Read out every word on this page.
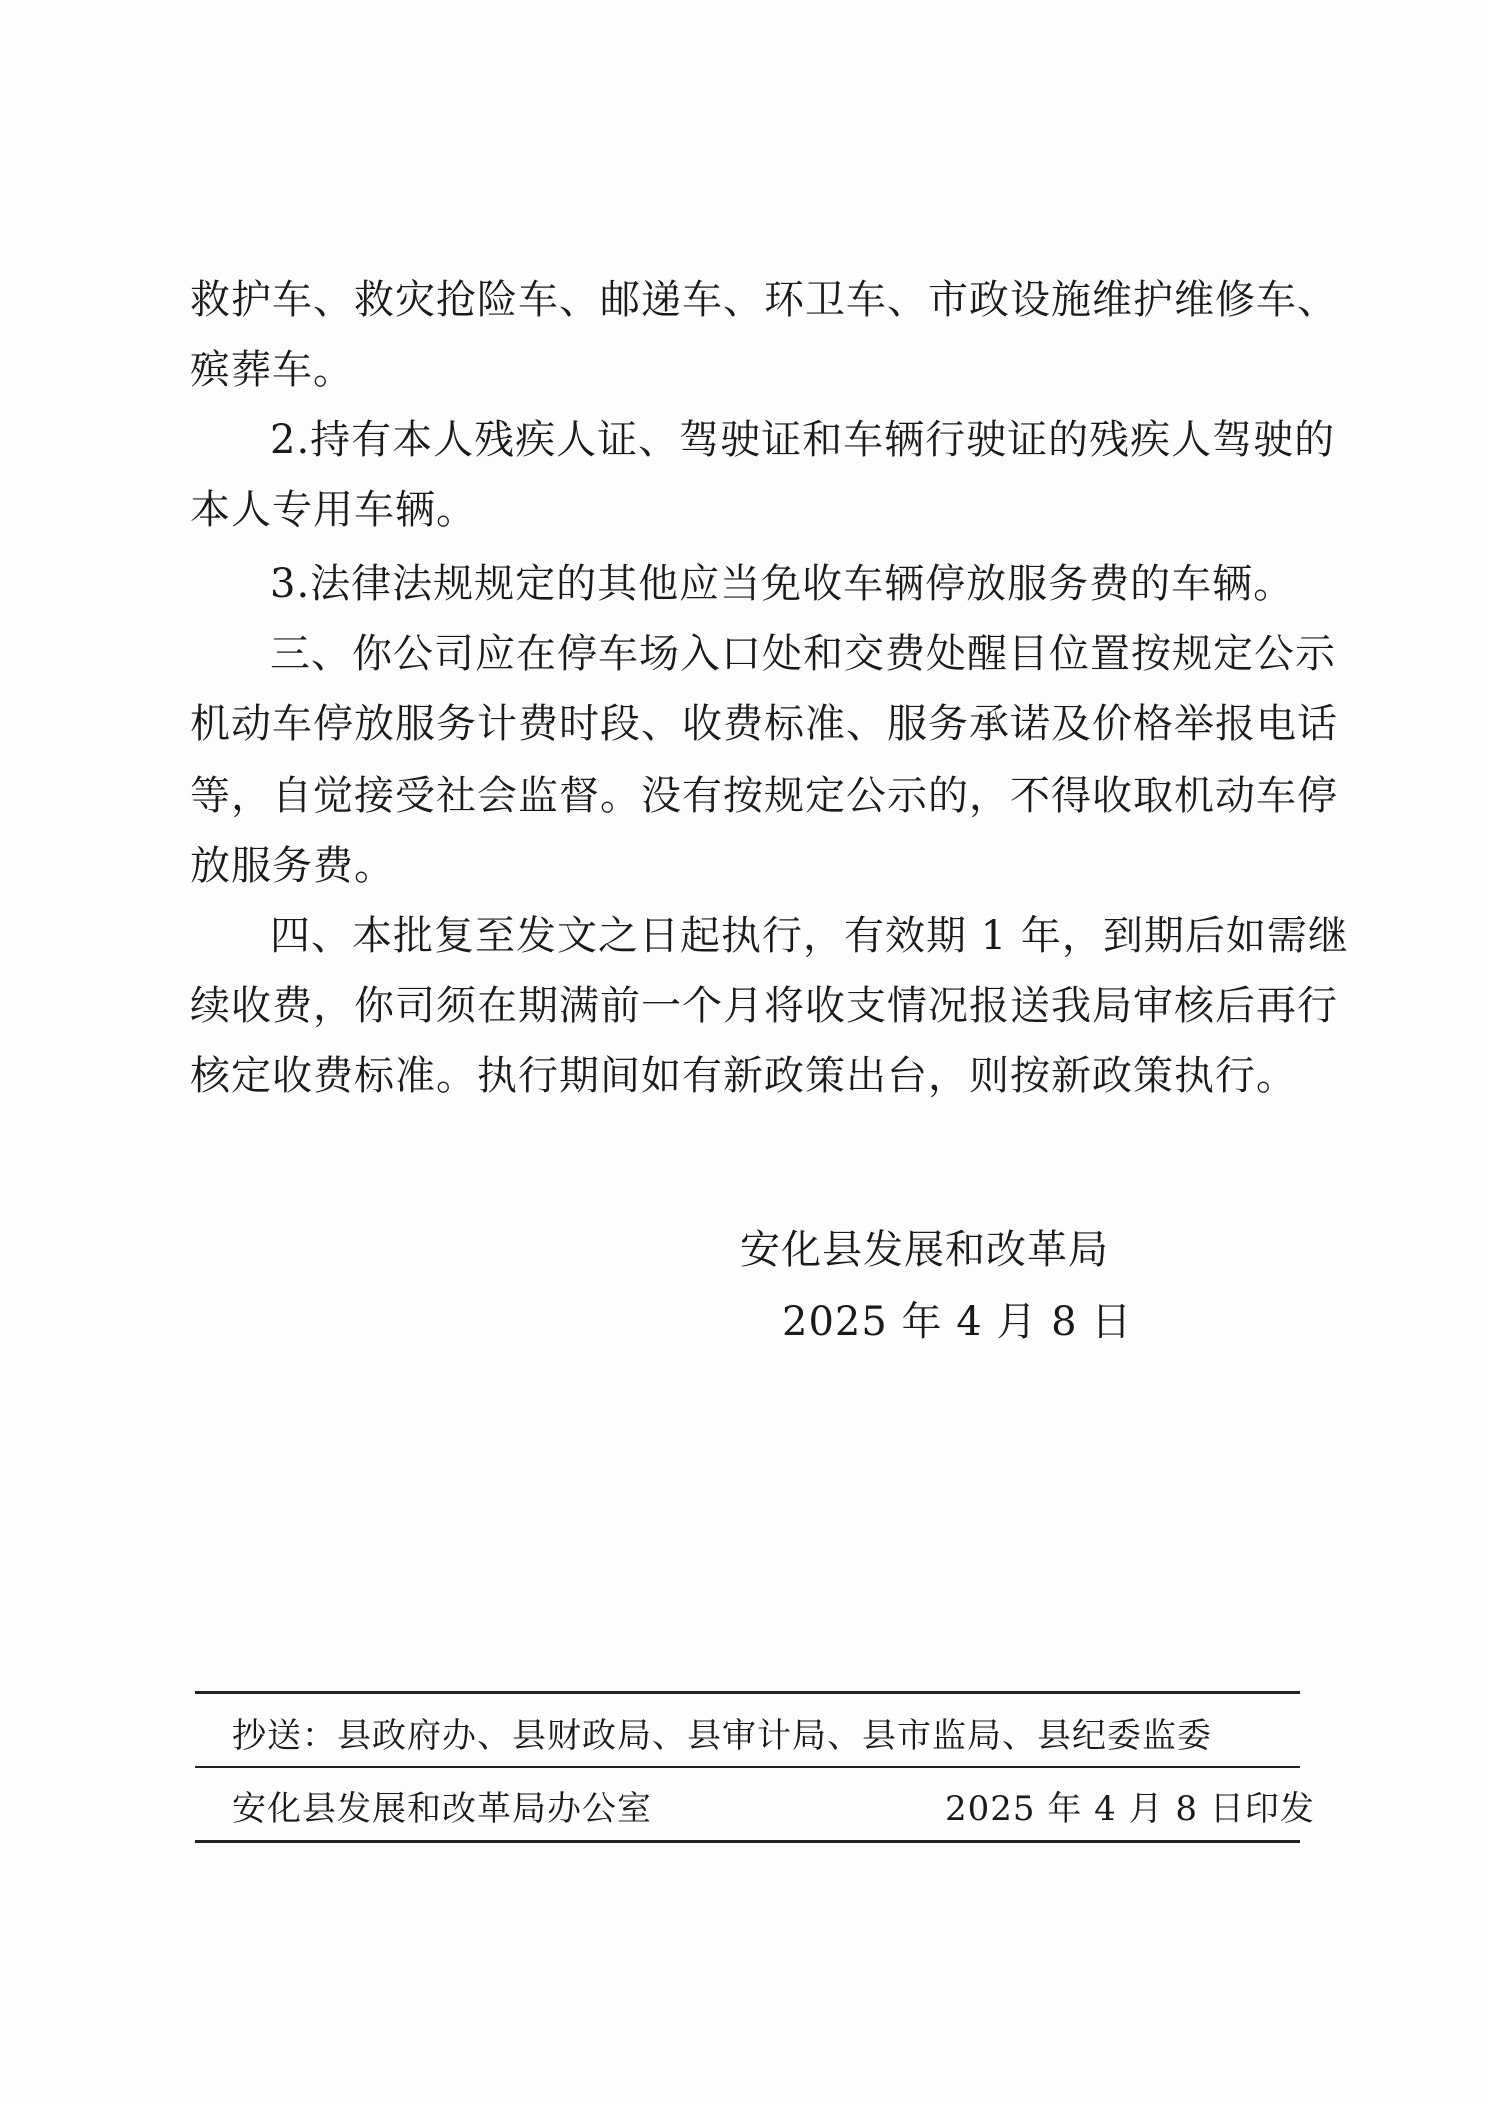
救护车、救灾抢险车、邮递车、环卫车、市政设施维护维修车、
殡葬车。
2.持有本人残疾人证、驾驶证和车辆行驶证的残疾人驾驶的
本人专用车辆。
3.法律法规规定的其他应当免收车辆停放服务费的车辆。
三、你公司应在停车场入口处和交费处醒目位置按规定公示
机动车停放服务计费时段、收费标准、服务承诺及价格举报电话
等，自觉接受社会监督。没有按规定公示的，不得收取机动车停
放服务费。
四、本批复至发文之日起执行，有效期 1 年，到期后如需继
续收费，你司须在期满前一个月将收支情况报送我局审核后再行
核定收费标准。执行期间如有新政策出台，则按新政策执行。
安化县发展和改革局
2025 年 4 月 8 日
抄送：县政府办、县财政局、县审计局、县市监局、县纪委监委
安化县发展和改革局办公室	2025 年 4 月 8 日印发
